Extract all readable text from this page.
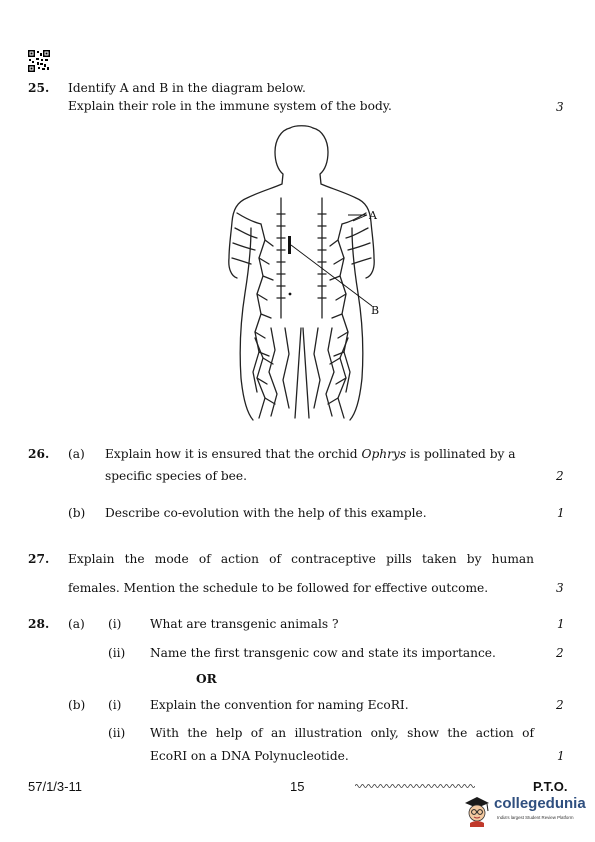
25. Identify A and B in the diagram below.
Explain their role in the immune system of the body.	3
A
B
26. (a) Explain how it is ensured that the orchid Ophrys is pollinated by a
specific species of bee.	2
(b) Describe co-evolution with the help of this example.	1
27. Explain the mode of action of contraceptive pills taken by human
females. Mention the schedule to be followed for effective outcome.	3
28. (a) (i) What are transgenic animals ?	1
(ii) Name the first transgenic cow and state its importance.	2
OR
(b) (i) Explain the convention for naming EcoRI.	2
(ii) With the help of an illustration only, show the action of
EcoRI on a DNA Polynucleotide.	1
57/1/3-11	15	P.T.O.
collegedunia
India's largest Student Review Platform
